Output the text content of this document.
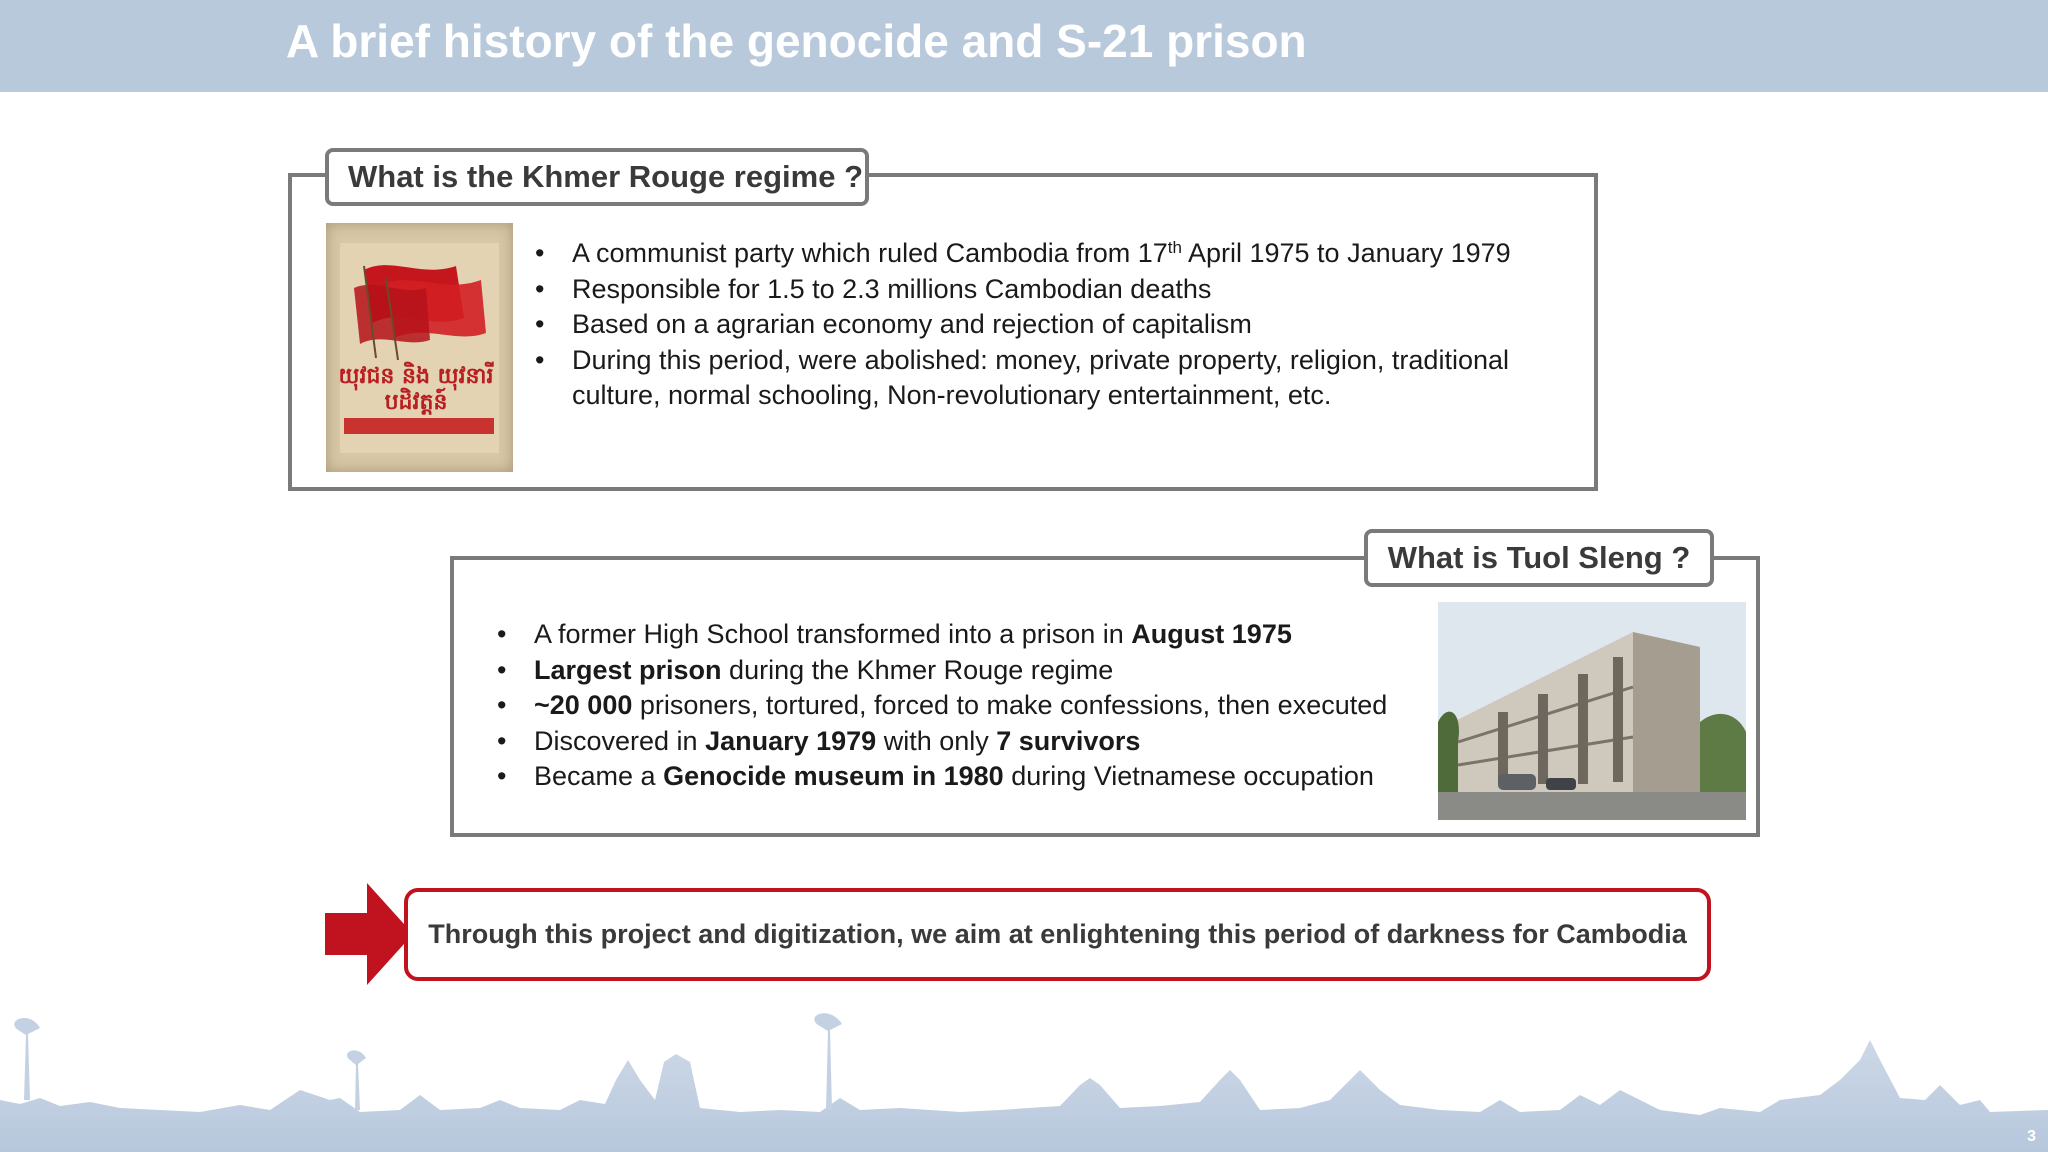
A brief history of the genocide and S-21 prison
What is the Khmer Rouge regime ?
យុវជន និង យុវនារី បដិវត្តន៍
• A communist party which ruled Cambodia from 17th April 1975 to January 1979
• Responsible for 1.5 to 2.3 millions Cambodian deaths
• Based on a agrarian economy and rejection of capitalism
• During this period, were abolished: money, private property, religion, traditional culture, normal schooling, Non-revolutionary entertainment, etc.
What is Tuol Sleng ?
• A former High School transformed into a prison in August 1975
• Largest prison during the Khmer Rouge regime
• ~20 000 prisoners, tortured, forced to make confessions, then executed
• Discovered in January 1979 with only 7 survivors
• Became a Genocide museum in 1980 during Vietnamese occupation
Through this project and digitization, we aim at enlightening this period of darkness for Cambodia
3
